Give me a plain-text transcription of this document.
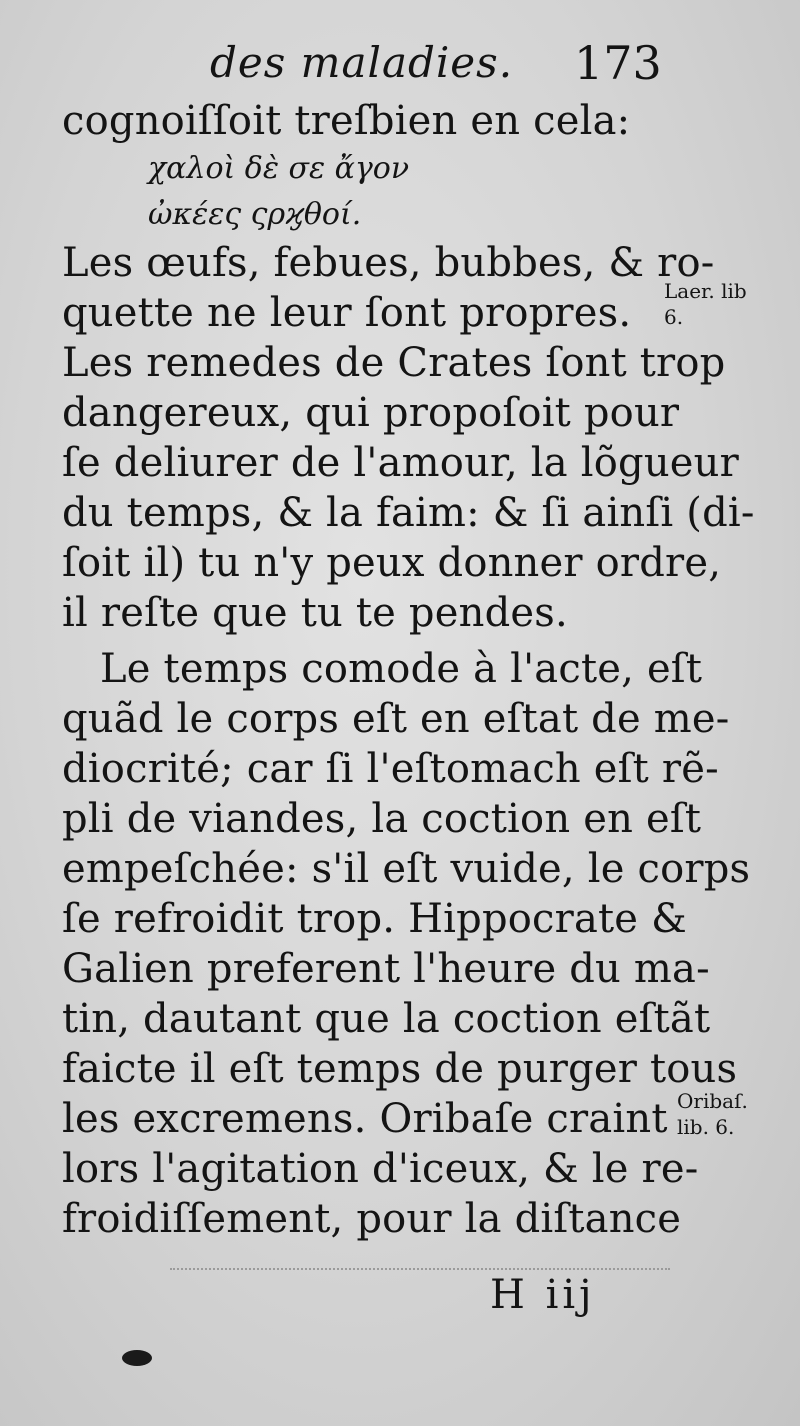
des maladies. 173
cognoiſſoit treſbien en cela:
χαλοὶ δὲ σε ἄγον
ὠκέες ςρϗθοί.
Les œufs, febues, bubbes, & ro-
quette ne leur ſont propres.
Les remedes de Crates ſont trop
dangereux, qui propoſoit pour
ſe deliurer de l'amour, la lõgueur
du temps, & la faim: & ſi ainſi (di-
ſoit il) tu n'y peux donner ordre,
il reſte que tu te pendes.
Le temps comode à l'acte, eſt
quãd le corps eſt en eſtat de me-
diocrité; car ſi l'eſtomach eſt rẽ-
pli de viandes, la coction en eſt
empeſchée: s'il eſt vuide, le corps
ſe refroidit trop. Hippocrate &
Galien preferent l'heure du ma-
tin, dautant que la coction eſtãt
faicte il eſt temps de purger tous
les excremens. Oribaſe craint
lors l'agitation d'iceux, & le re-
froidiſſement, pour la diſtance
Laer. lib
6.
Oribaſ.
lib. 6.
H iij
